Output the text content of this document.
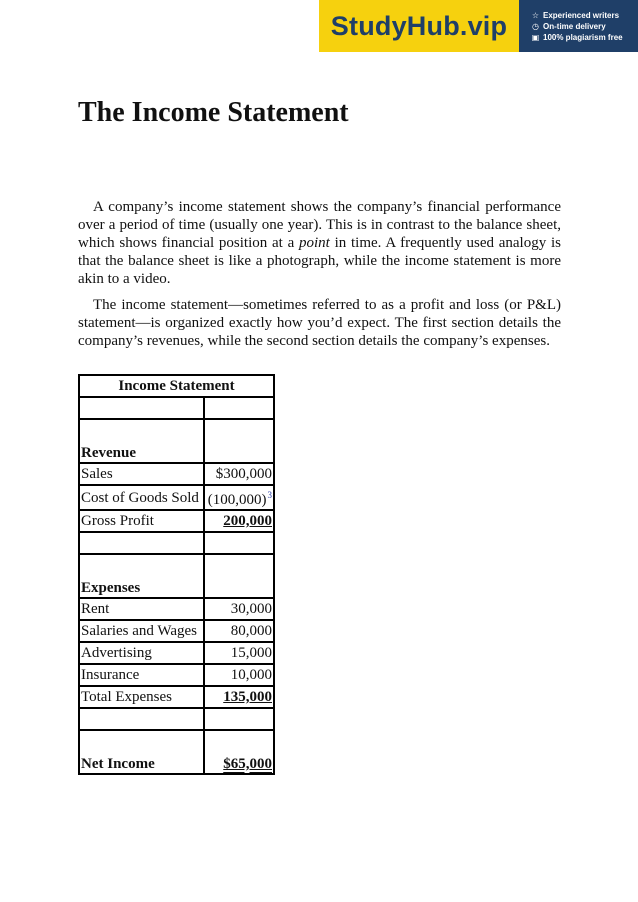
StudyHub.vip	☆ Experienced writers
◷ On-time delivery
▣ 100% plagiarism free
The Income Statement

A company’s income statement shows the company’s financial performance over a period of time (usually one year). This is in contrast to the balance sheet, which shows financial position at a point in time. A frequently used analogy is that the balance sheet is like a photograph, while the income statement is more akin to a video.

The income statement—sometimes referred to as a profit and loss (or P&L) statement—is organized exactly how you’d expect. The first section details the company’s revenues, while the second section details the company’s expenses.

Income Statement	

Revenue	
Sales	$300,000
Cost of Goods Sold	(100,000)$^3$
Gross Profit	200,000

Expenses	
Rent	30,000
Salaries and Wages	80,000
Advertising	15,000
Insurance	10,000
Total Expenses	135,000

Net Income	$65,000
